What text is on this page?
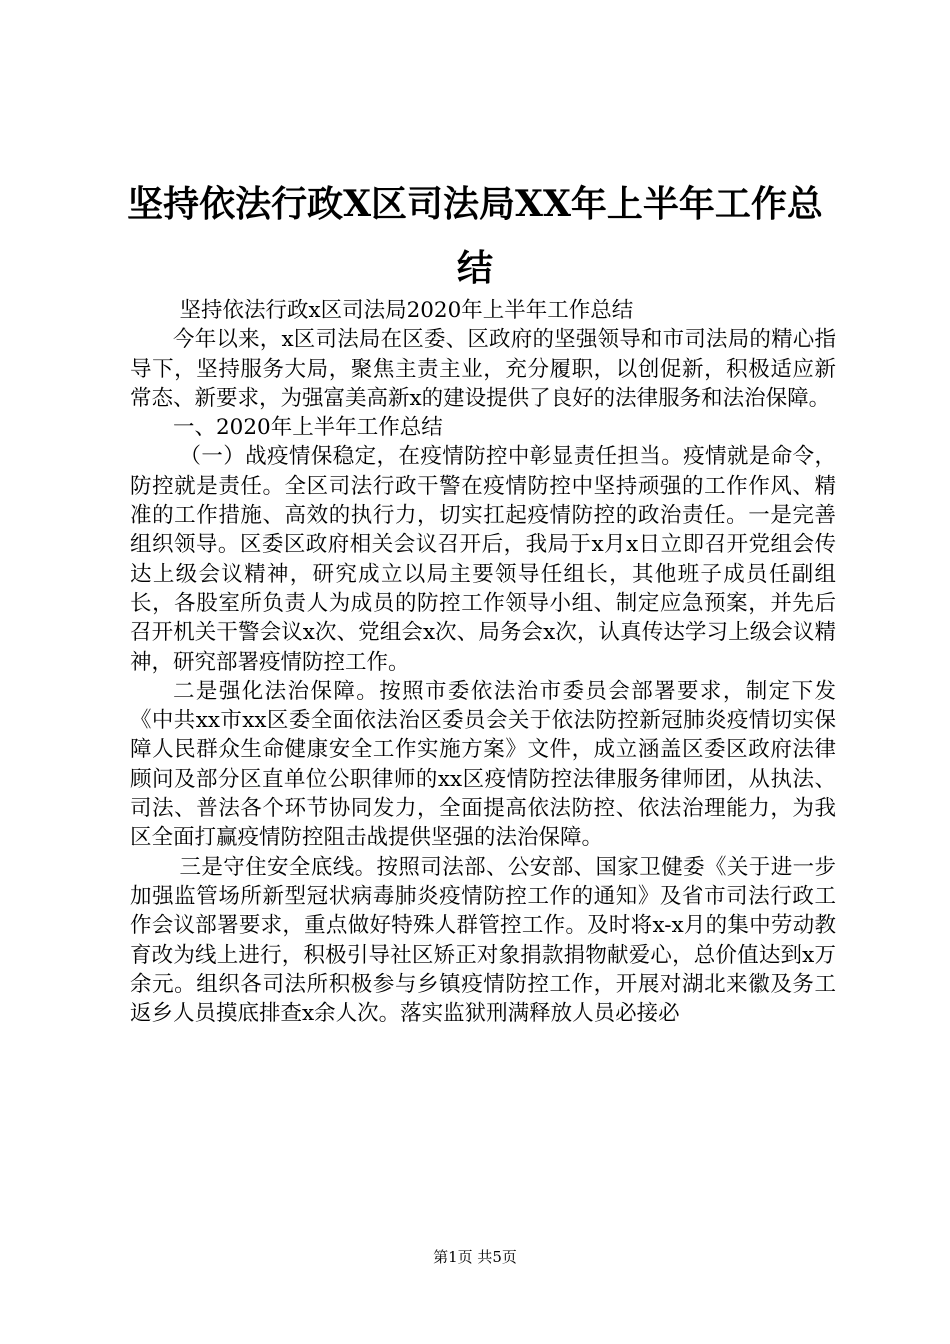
坚持依法行政X区司法局XX年上半年工作总结

坚持依法行政x区司法局2020年上半年工作总结

今年以来，x区司法局在区委、区政府的坚强领导和市司法局的精心指导下，坚持服务大局，聚焦主责主业，充分履职，以创促新，积极适应新常态、新要求，为强富美高新x的建设提供了良好的法律服务和法治保障。

一、2020年上半年工作总结

（一）战疫情保稳定，在疫情防控中彰显责任担当。疫情就是命令，防控就是责任。全区司法行政干警在疫情防控中坚持顽强的工作作风、精准的工作措施、高效的执行力，切实扛起疫情防控的政治责任。一是完善组织领导。区委区政府相关会议召开后，我局于x月x日立即召开党组会传达上级会议精神，研究成立以局主要领导任组长，其他班子成员任副组长，各股室所负责人为成员的防控工作领导小组、制定应急预案，并先后召开机关干警会议x次、党组会x次、局务会x次，认真传达学习上级会议精神，研究部署疫情防控工作。

二是强化法治保障。按照市委依法治市委员会部署要求，制定下发《中共xx市xx区委全面依法治区委员会关于依法防控新冠肺炎疫情切实保障人民群众生命健康安全工作实施方案》文件，成立涵盖区委区政府法律顾问及部分区直单位公职律师的xx区疫情防控法律服务律师团，从执法、司法、普法各个环节协同发力，全面提高依法防控、依法治理能力，为我区全面打赢疫情防控阻击战提供坚强的法治保障。

三是守住安全底线。按照司法部、公安部、国家卫健委《关于进一步加强监管场所新型冠状病毒肺炎疫情防控工作的通知》及省市司法行政工作会议部署要求，重点做好特殊人群管控工作。及时将x-x月的集中劳动教育改为线上进行，积极引导社区矫正对象捐款捐物献爱心，总价值达到x万余元。组织各司法所积极参与乡镇疫情防控工作，开展对湖北来徽及务工返乡人员摸底排查x余人次。落实监狱刑满释放人员必接必

第1页 共5页
